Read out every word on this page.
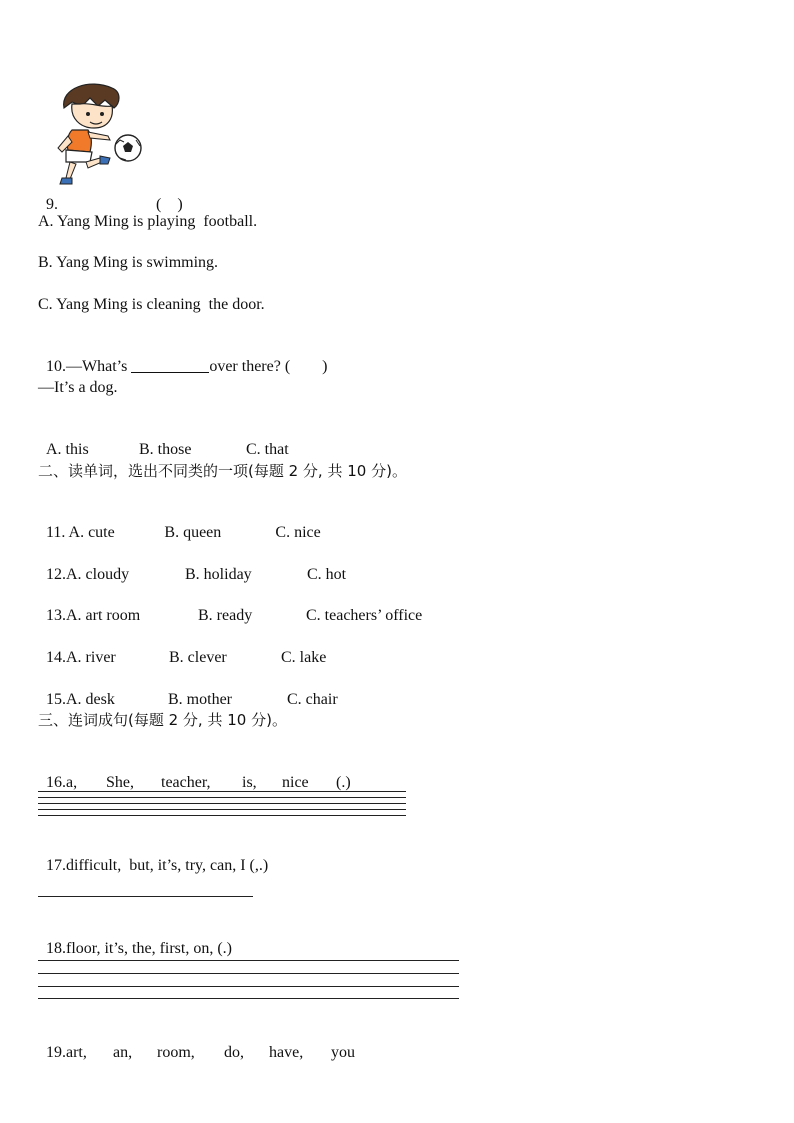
9.	(    )

A. Yang Ming is playing  football.
B. Yang Ming is swimming.
C. Yang Ming is cleaning  the door.

10.—What’s	over there? (        )

—It’s a dog.

A. this	B. those	C. that

二、读单词，选出不同类的一项(每题 2 分, 共 10 分)。

11. A. cute	B. queen	C. nice

12.A. cloudy	B. holiday	C. hot

13.A. art room	B. ready	C. teachers’ office

14.A. river	B. clever	C. lake

15.A. desk	B. mother	C. chair

三、连词成句(每题 2 分, 共 10 分)。

16.a, She, teacher, is, nice (.)

17.difficult,  but, it’s, try, can, I (,.)

18.floor, it’s, the, first, on, (.)

19.art, an, room, do, have, you
